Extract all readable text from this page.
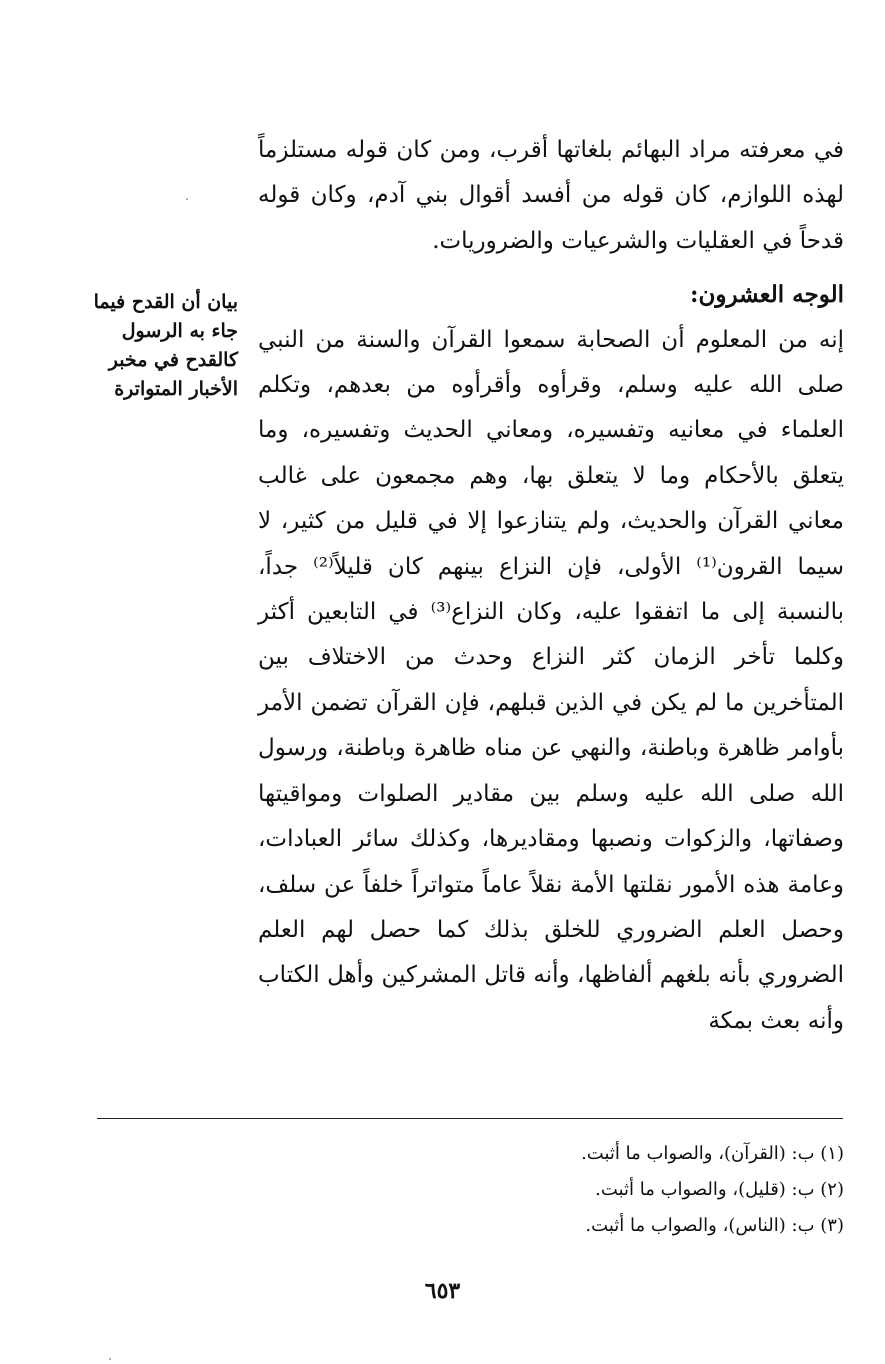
في معرفته مراد البهائم بلغاتها أقرب، ومن كان قوله مستلزماً لهذه اللوازم، كان قوله من أفسد أقوال بني آدم، وكان قوله قدحاً في العقليات والشرعيات والضروريات.

الوجه العشرون:

إنه من المعلوم أن الصحابة سمعوا القرآن والسنة من النبي صلى الله عليه وسلم، وقرأوه وأقرأوه من بعدهم، وتكلم العلماء في معانيه وتفسيره، ومعاني الحديث وتفسيره، وما يتعلق بالأحكام وما لا يتعلق بها، وهم مجمعون على غالب معاني القرآن والحديث، ولم يتنازعوا إلا في قليل من كثير، لا سيما القرون⁽¹⁾ الأولى، فإن النزاع بينهم كان قليلاً⁽²⁾ جداً، بالنسبة إلى ما اتفقوا عليه، وكان النزاع⁽³⁾ في التابعين أكثر وكلما تأخر الزمان كثر النزاع وحدث من الاختلاف بين المتأخرين ما لم يكن في الذين قبلهم، فإن القرآن تضمن الأمر بأوامر ظاهرة وباطنة، والنهي عن مناه ظاهرة وباطنة، ورسول الله صلى الله عليه وسلم بين مقادير الصلوات ومواقيتها وصفاتها، والزكوات ونصبها ومقاديرها، وكذلك سائر العبادات، وعامة هذه الأمور نقلتها الأمة نقلاً عاماً متواتراً خلفاً عن سلف، وحصل العلم الضروري للخلق بذلك كما حصل لهم العلم الضروري بأنه بلغهم ألفاظها، وأنه قاتل المشركين وأهل الكتاب وأنه بعث بمكة

بيان أن القدح فيما جاء به الرسول كالقدح في مخبر الأخبار المتواترة

(١) ب: (القرآن)، والصواب ما أثبت.

(٢) ب: (قليل)، والصواب ما أثبت.

(٣) ب: (الناس)، والصواب ما أثبت.

٦٥٣
